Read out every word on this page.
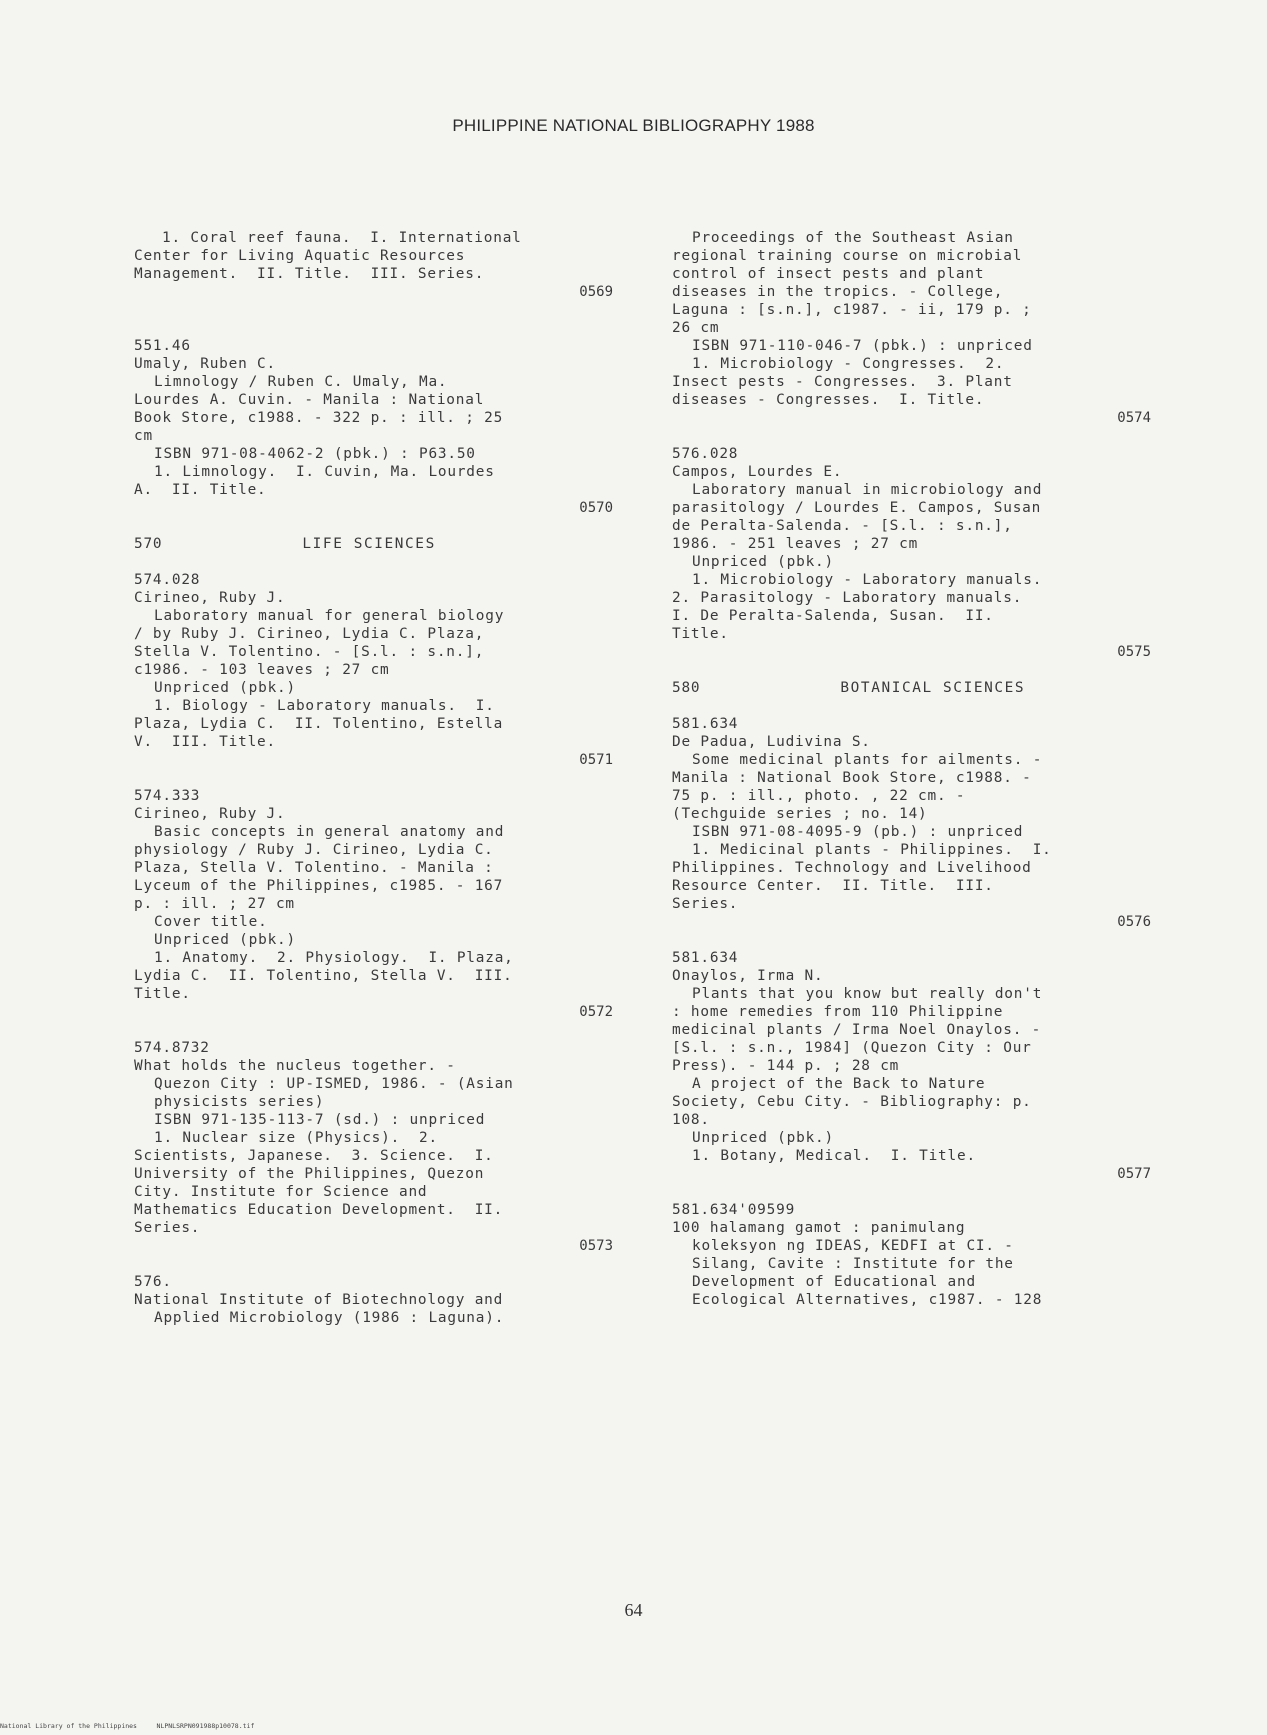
PHILIPPINE NATIONAL BIBLIOGRAPHY 1988
1. Coral reef fauna.  I. International
Center for Living Aquatic Resources
Management.  II. Title.  III. Series.
0569
551.46
Umaly, Ruben C.
Limnology / Ruben C. Umaly, Ma.
Lourdes A. Cuvin. - Manila : National
Book Store, c1988. - 322 p. : ill. ; 25
cm
ISBN 971-08-4062-2 (pbk.) : P63.50
1. Limnology.  I. Cuvin, Ma. Lourdes
A.  II. Title.
0570
570	LIFE SCIENCES
574.028
Cirineo, Ruby J.
Laboratory manual for general biology
/ by Ruby J. Cirineo, Lydia C. Plaza,
Stella V. Tolentino. - [S.l. : s.n.],
c1986. - 103 leaves ; 27 cm
Unpriced (pbk.)
1. Biology - Laboratory manuals.  I.
Plaza, Lydia C.  II. Tolentino, Estella
V.  III. Title.
0571
574.333
Cirineo, Ruby J.
Basic concepts in general anatomy and
physiology / Ruby J. Cirineo, Lydia C.
Plaza, Stella V. Tolentino. - Manila :
Lyceum of the Philippines, c1985. - 167
p. : ill. ; 27 cm
Cover title.
Unpriced (pbk.)
1. Anatomy.  2. Physiology.  I. Plaza,
Lydia C.  II. Tolentino, Stella V.  III.
Title.
0572
574.8732
What holds the nucleus together. -
Quezon City : UP-ISMED, 1986. - (Asian
physicists series)
ISBN 971-135-113-7 (sd.) : unpriced
1. Nuclear size (Physics).  2.
Scientists, Japanese.  3. Science.  I.
University of the Philippines, Quezon
City. Institute for Science and
Mathematics Education Development.  II.
Series.
0573
576.
National Institute of Biotechnology and
Applied Microbiology (1986 : Laguna).
Proceedings of the Southeast Asian
regional training course on microbial
control of insect pests and plant
diseases in the tropics. - College,
Laguna : [s.n.], c1987. - ii, 179 p. ;
26 cm
ISBN 971-110-046-7 (pbk.) : unpriced
1. Microbiology - Congresses.  2.
Insect pests - Congresses.  3. Plant
diseases - Congresses.  I. Title.
0574
576.028
Campos, Lourdes E.
Laboratory manual in microbiology and
parasitology / Lourdes E. Campos, Susan
de Peralta-Salenda. - [S.l. : s.n.],
1986. - 251 leaves ; 27 cm
Unpriced (pbk.)
1. Microbiology - Laboratory manuals.
2. Parasitology - Laboratory manuals.
I. De Peralta-Salenda, Susan.  II.
Title.
0575
580	BOTANICAL SCIENCES
581.634
De Padua, Ludivina S.
Some medicinal plants for ailments. -
Manila : National Book Store, c1988. -
75 p. : ill., photo. , 22 cm. -
(Techguide series ; no. 14)
ISBN 971-08-4095-9 (pb.) : unpriced
1. Medicinal plants - Philippines.  I.
Philippines. Technology and Livelihood
Resource Center.  II. Title.  III.
Series.
0576
581.634
Onaylos, Irma N.
Plants that you know but really don't
: home remedies from 110 Philippine
medicinal plants / Irma Noel Onaylos. -
[S.l. : s.n., 1984] (Quezon City : Our
Press). - 144 p. ; 28 cm
A project of the Back to Nature
Society, Cebu City. - Bibliography: p.
108.
Unpriced (pbk.)
1. Botany, Medical.  I. Title.
0577
581.634'09599
100 halamang gamot : panimulang
koleksyon ng IDEAS, KEDFI at CI. -
Silang, Cavite : Institute for the
Development of Educational and
Ecological Alternatives, c1987. - 128
64
National Library of the Philippines     NLPNLSRPN091988p10078.tif
